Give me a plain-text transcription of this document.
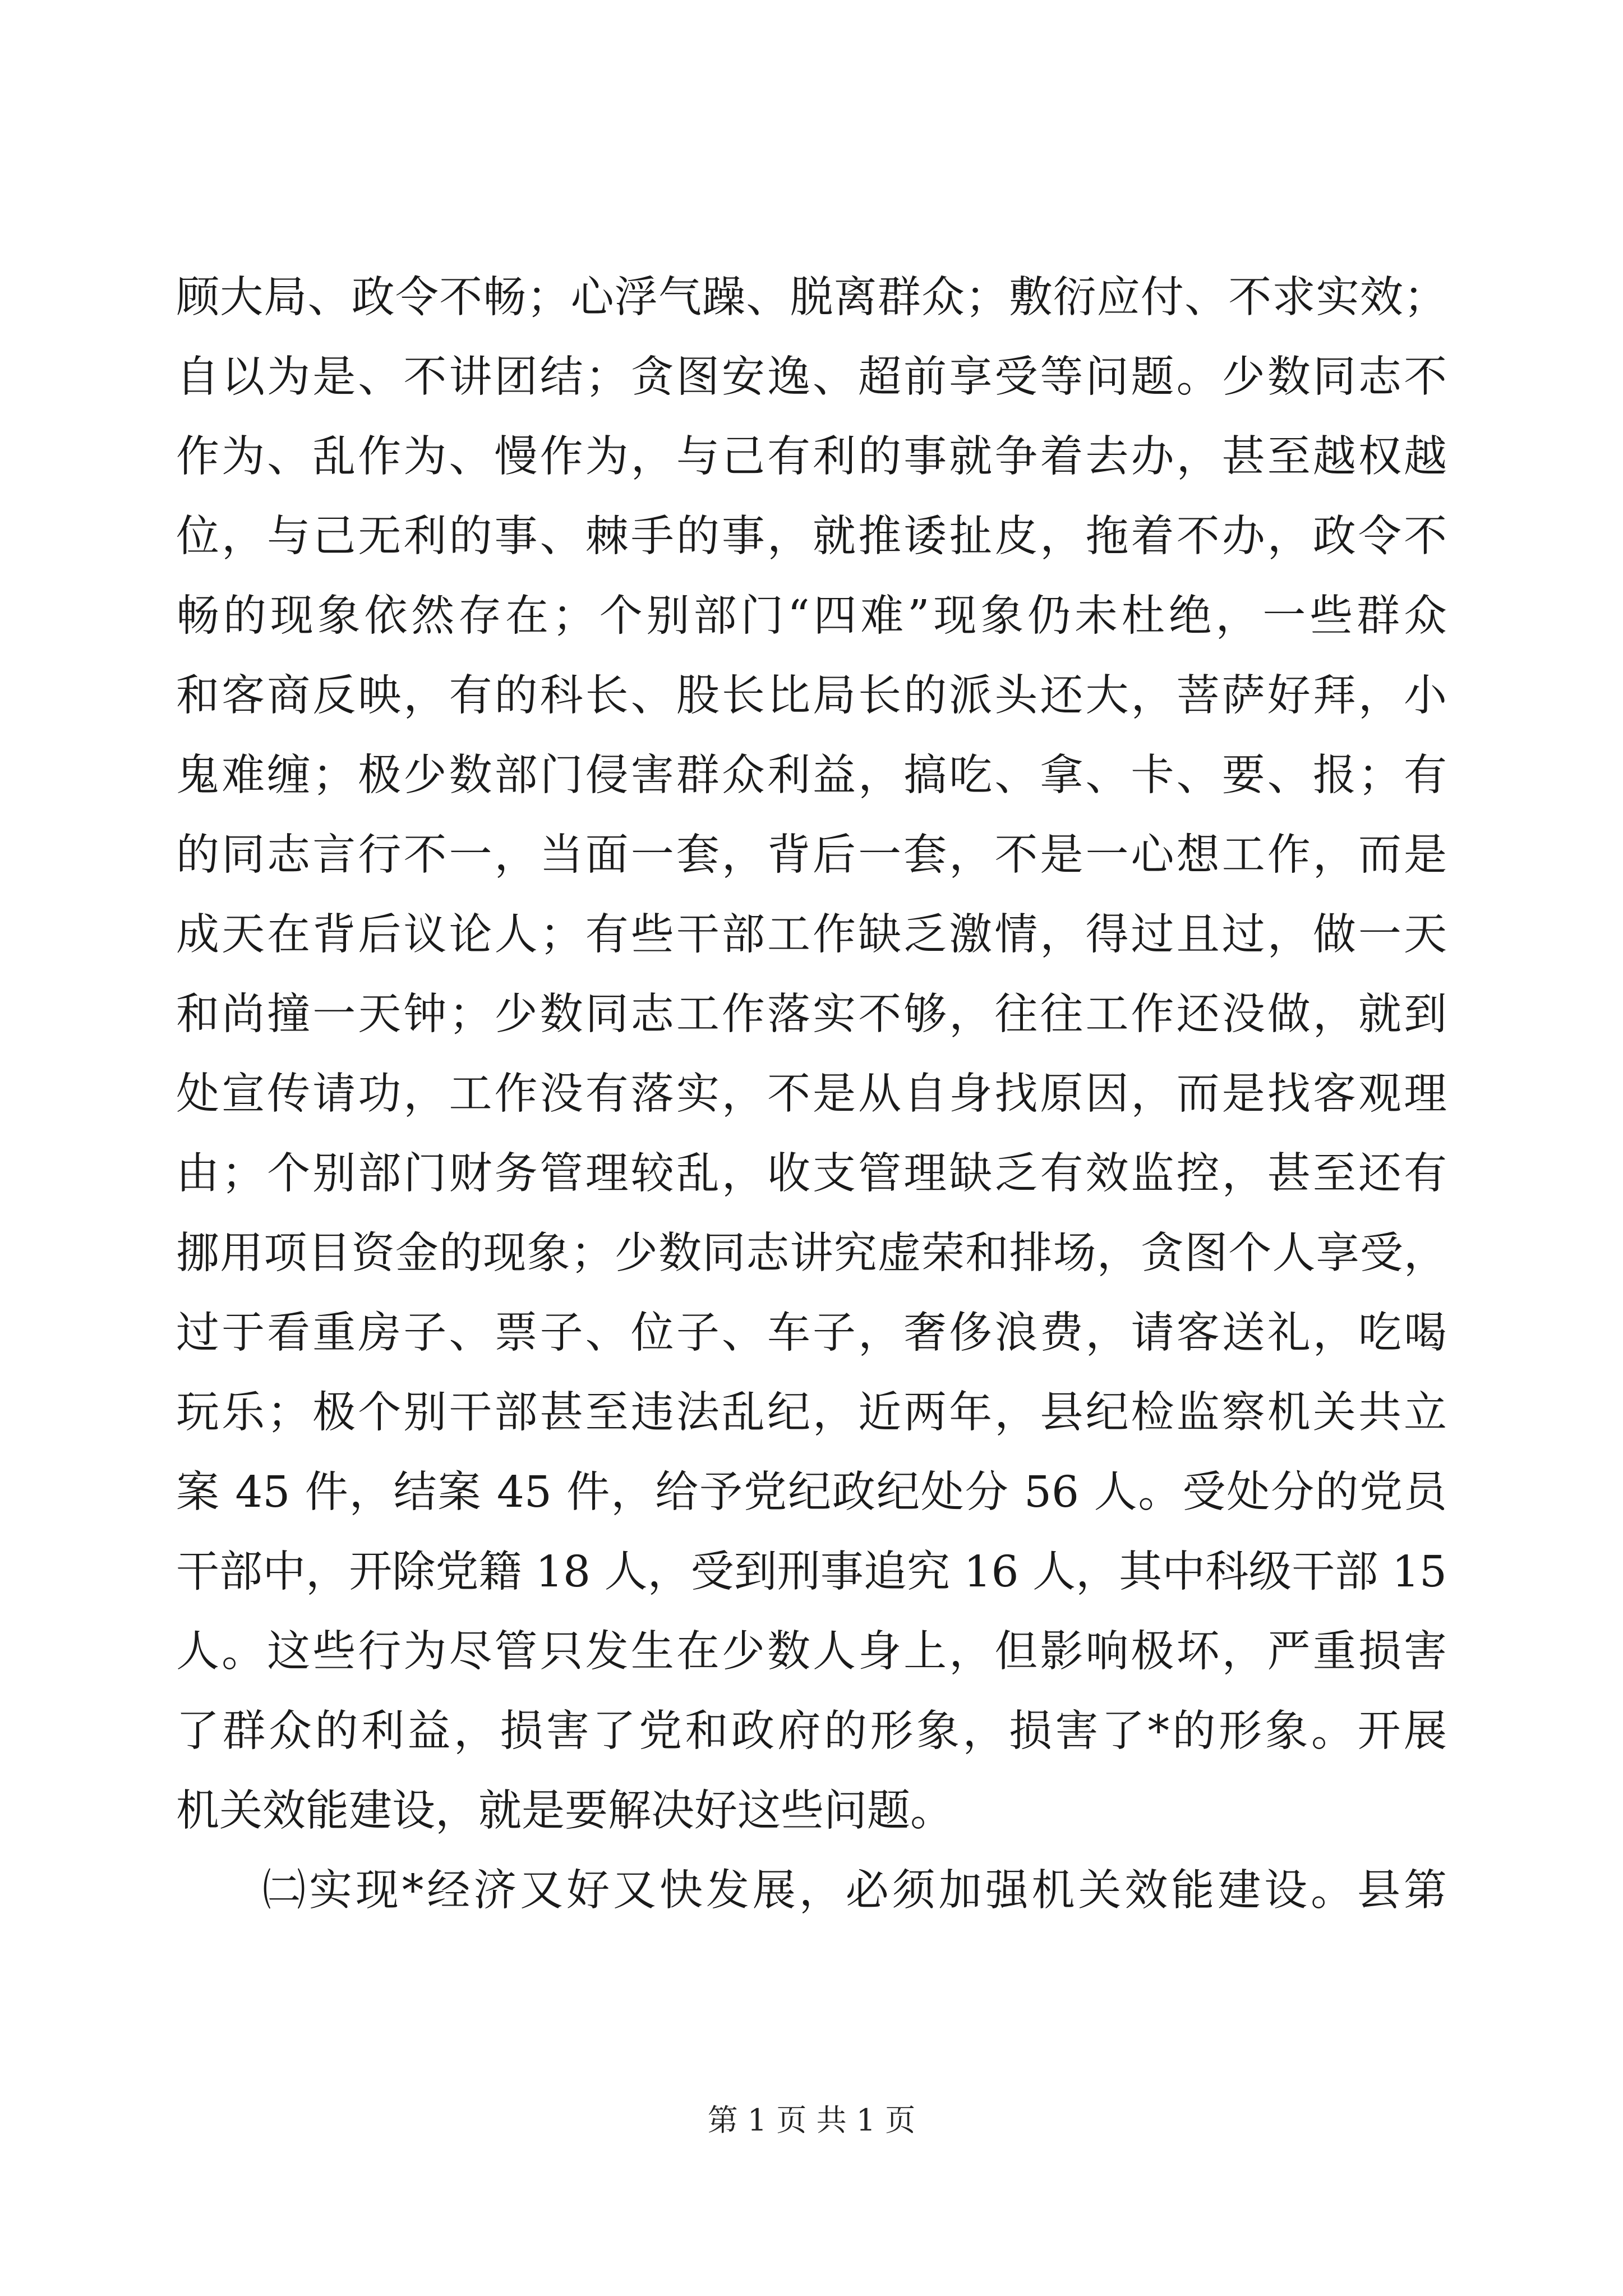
顾大局、政令不畅；心浮气躁、脱离群众；敷衍应付、不求实效；
自以为是、不讲团结；贪图安逸、超前享受等问题。少数同志不
作为、乱作为、慢作为，与己有利的事就争着去办，甚至越权越
位，与己无利的事、棘手的事，就推诿扯皮，拖着不办，政令不
畅的现象依然存在；个别部门“四难”现象仍未杜绝，一些群众
和客商反映，有的科长、股长比局长的派头还大，菩萨好拜，小
鬼难缠；极少数部门侵害群众利益，搞吃、拿、卡、要、报；有
的同志言行不一，当面一套，背后一套，不是一心想工作，而是
成天在背后议论人；有些干部工作缺乏激情，得过且过，做一天
和尚撞一天钟；少数同志工作落实不够，往往工作还没做，就到
处宣传请功，工作没有落实，不是从自身找原因，而是找客观理
由；个别部门财务管理较乱，收支管理缺乏有效监控，甚至还有
挪用项目资金的现象；少数同志讲究虚荣和排场，贪图个人享受，
过于看重房子、票子、位子、车子，奢侈浪费，请客送礼，吃喝
玩乐；极个别干部甚至违法乱纪，近两年，县纪检监察机关共立
案 45 件，结案 45 件，给予党纪政纪处分 56 人。受处分的党员
干部中，开除党籍 18 人，受到刑事追究 16 人，其中科级干部 15
人。这些行为尽管只发生在少数人身上，但影响极坏，严重损害
了群众的利益，损害了党和政府的形象，损害了*的形象。开展
机关效能建设，就是要解决好这些问题。
㈡实现*经济又好又快发展，必须加强机关效能建设。县第
第 1 页 共 1 页
